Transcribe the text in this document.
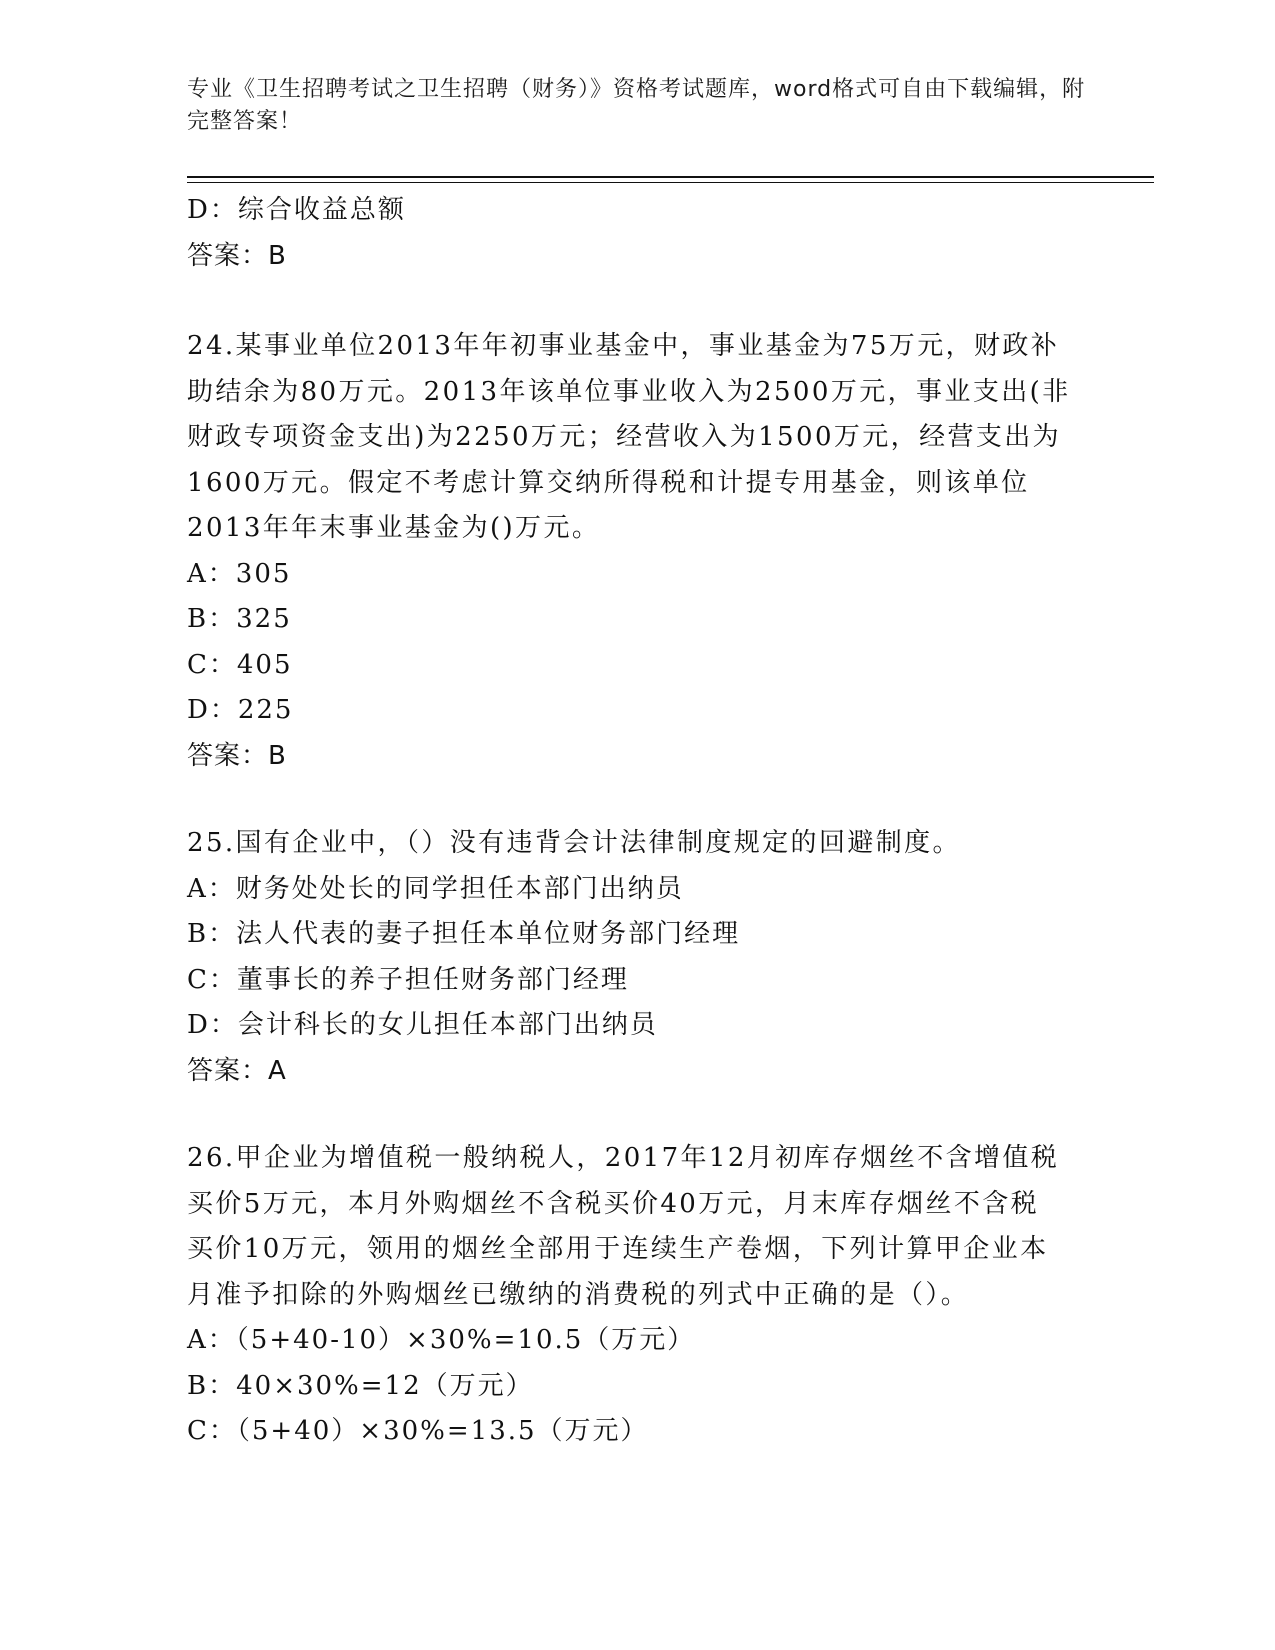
专业《卫生招聘考试之卫生招聘（财务）》资格考试题库，word格式可自由下载编辑，附完整答案！
D：综合收益总额
答案：B
24.某事业单位2013年年初事业基金中，事业基金为75万元，财政补
助结余为80万元。2013年该单位事业收入为2500万元，事业支出(非
财政专项资金支出)为2250万元；经营收入为1500万元，经营支出为
1600万元。假定不考虑计算交纳所得税和计提专用基金，则该单位
2013年年末事业基金为()万元。
A：305
B：325
C：405
D：225
答案：B
25.国有企业中，（）没有违背会计法律制度规定的回避制度。
A：财务处处长的同学担任本部门出纳员
B：法人代表的妻子担任本单位财务部门经理
C：董事长的养子担任财务部门经理
D：会计科长的女儿担任本部门出纳员
答案：A
26.甲企业为增值税一般纳税人，2017年12月初库存烟丝不含增值税
买价5万元，本月外购烟丝不含税买价40万元，月末库存烟丝不含税
买价10万元，领用的烟丝全部用于连续生产卷烟，下列计算甲企业本
月准予扣除的外购烟丝已缴纳的消费税的列式中正确的是（）。
A：（5+40-10）×30%=10.5（万元）
B：40×30%=12（万元）
C：（5+40）×30%=13.5（万元）
